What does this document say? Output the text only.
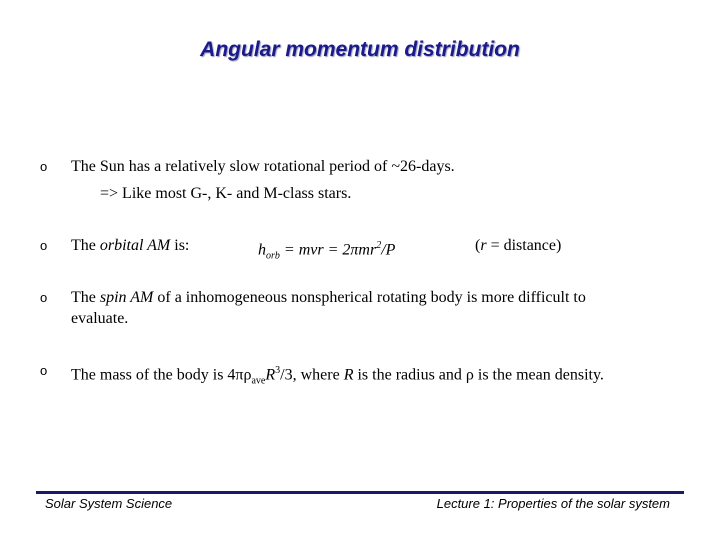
Angular momentum distribution
o The Sun has a relatively slow rotational period of ~26-days.
=> Like most G-, K- and M-class stars.
o The orbital AM is:	$h_{orb}$ = mvr = 2πmr$^2$/P	(r = distance)
o The spin AM of a inhomogeneous nonspherical rotating body is more difficult to
evaluate.
o The mass of the body is $4\pi\rho_{ave}R^3/3$, where R is the radius and ρ is the mean density.
Solar System Science	Lecture 1: Properties of the solar system
